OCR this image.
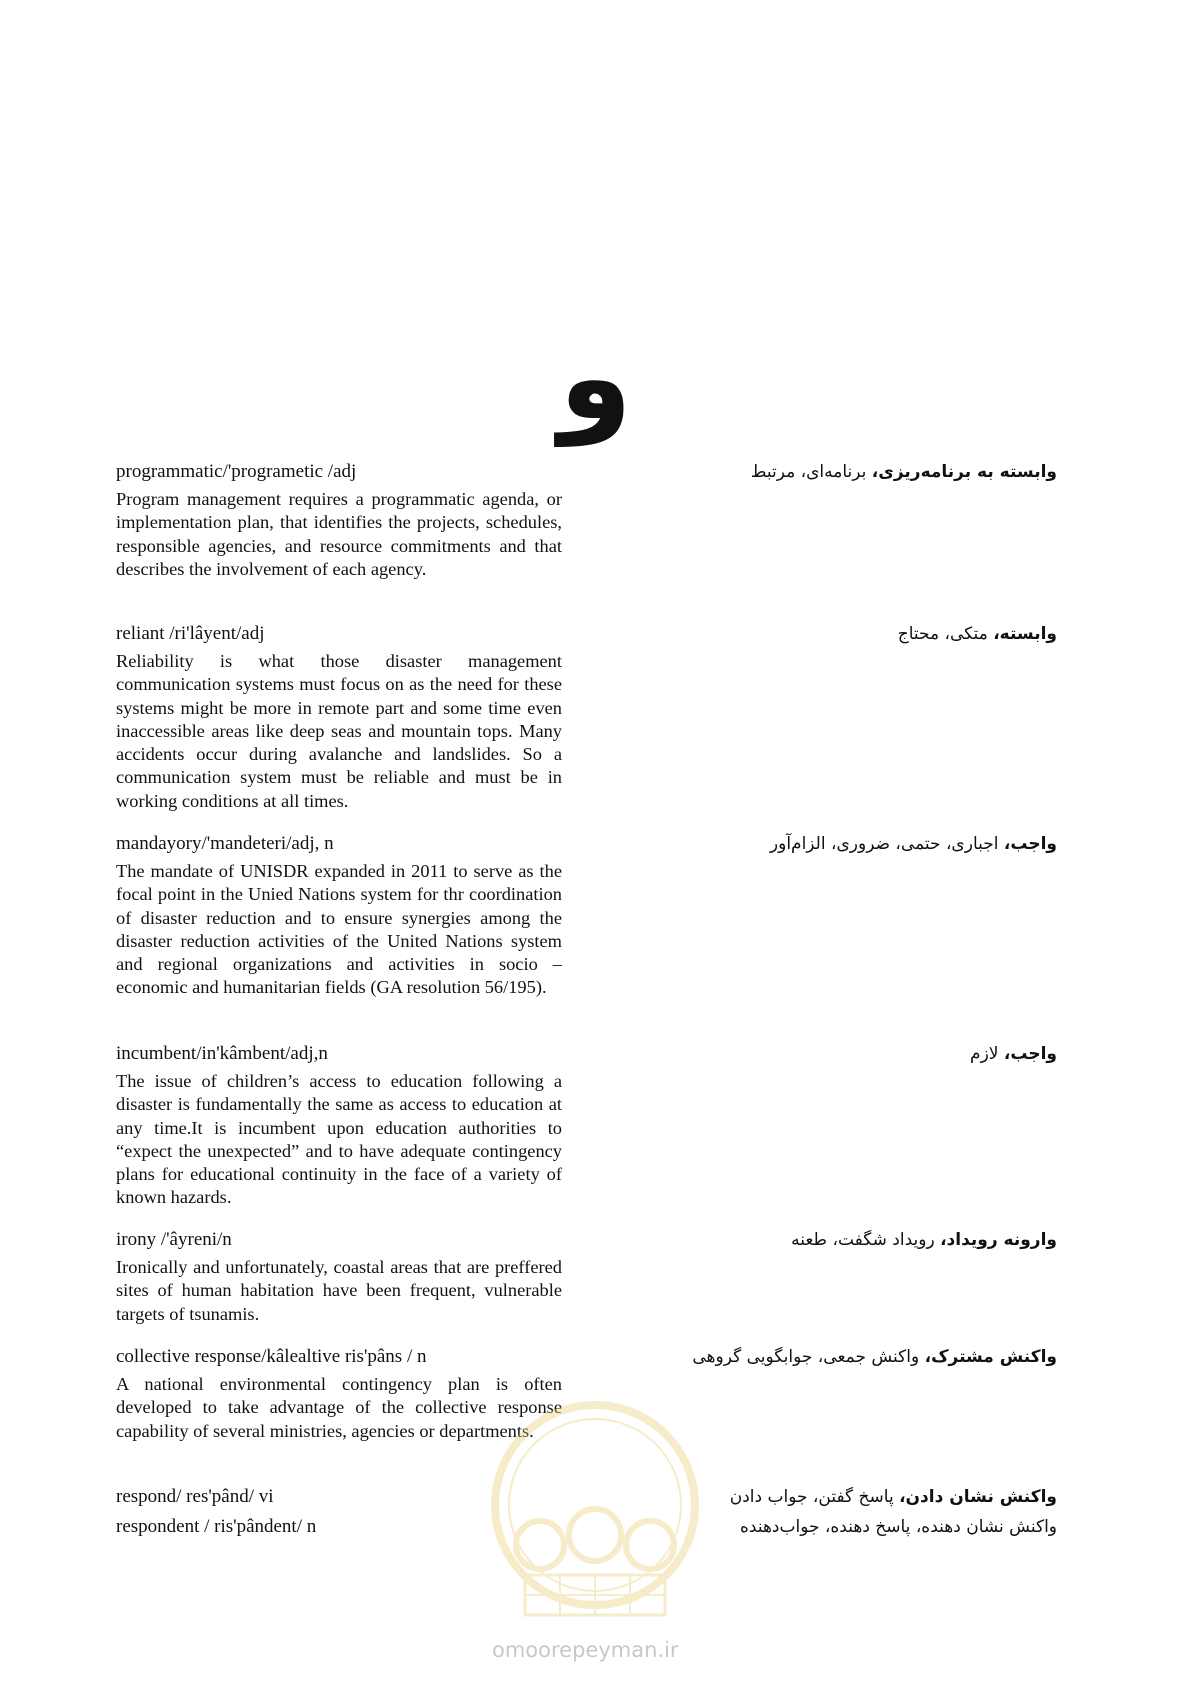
و
programmatic/'programetic /adj	وابسته به برنامه‌ریزی، برنامه‌ای، مرتبط

Program management requires a programmatic agenda, or implementation plan, that identifies the projects, schedules, responsible agencies, and resource commitments and that describes the involvement of each agency.

reliant /ri'lâyent/adj	وابسته، متکی، محتاج

Reliability is what those disaster management communication systems must focus on as the need for these systems might be more in remote part and some time even inaccessible areas like deep seas and mountain tops. Many accidents occur during avalanche and landslides. So a communication system must be reliable and must be in working conditions at all times.

mandayory/'mandeteri/adj, n	واجب، اجباری، حتمی، ضروری، الزام‌آور

The mandate of UNISDR expanded in 2011 to serve as the focal point in the Unied Nations system for thr coordination of disaster reduction and to ensure synergies among the disaster reduction activities of the United Nations system and regional organizations and activities in socio – economic and humanitarian fields (GA resolution 56/195).

incumbent/in'kâmbent/adj,n	واجب، لازم

The issue of children’s access to education following a disaster is fundamentally the same as access to education at any time.It is incumbent upon education authorities to “expect the unexpected” and to have adequate contingency plans for educational continuity in the face of a variety of known hazards.

irony /'âyreni/n	وارونه رویداد، رویداد شگفت، طعنه

Ironically and unfortunately, coastal areas that are preffered sites of human habitation have been frequent, vulnerable targets of tsunamis.

collective response/kâlealtive ris'pâns / n	واکنش مشترک، واکنش جمعی، جوابگویی گروهی

A national environmental contingency plan is often developed to take advantage of the collective response capability of several ministries, agencies or departments.

respond/ res'pând/ vi	واکنش نشان دادن، پاسخ گفتن، جواب دادن
respondent / ris'pândent/ n	واکنش نشان دهنده، پاسخ دهنده، جواب‌دهنده
omoorepeyman.ir
